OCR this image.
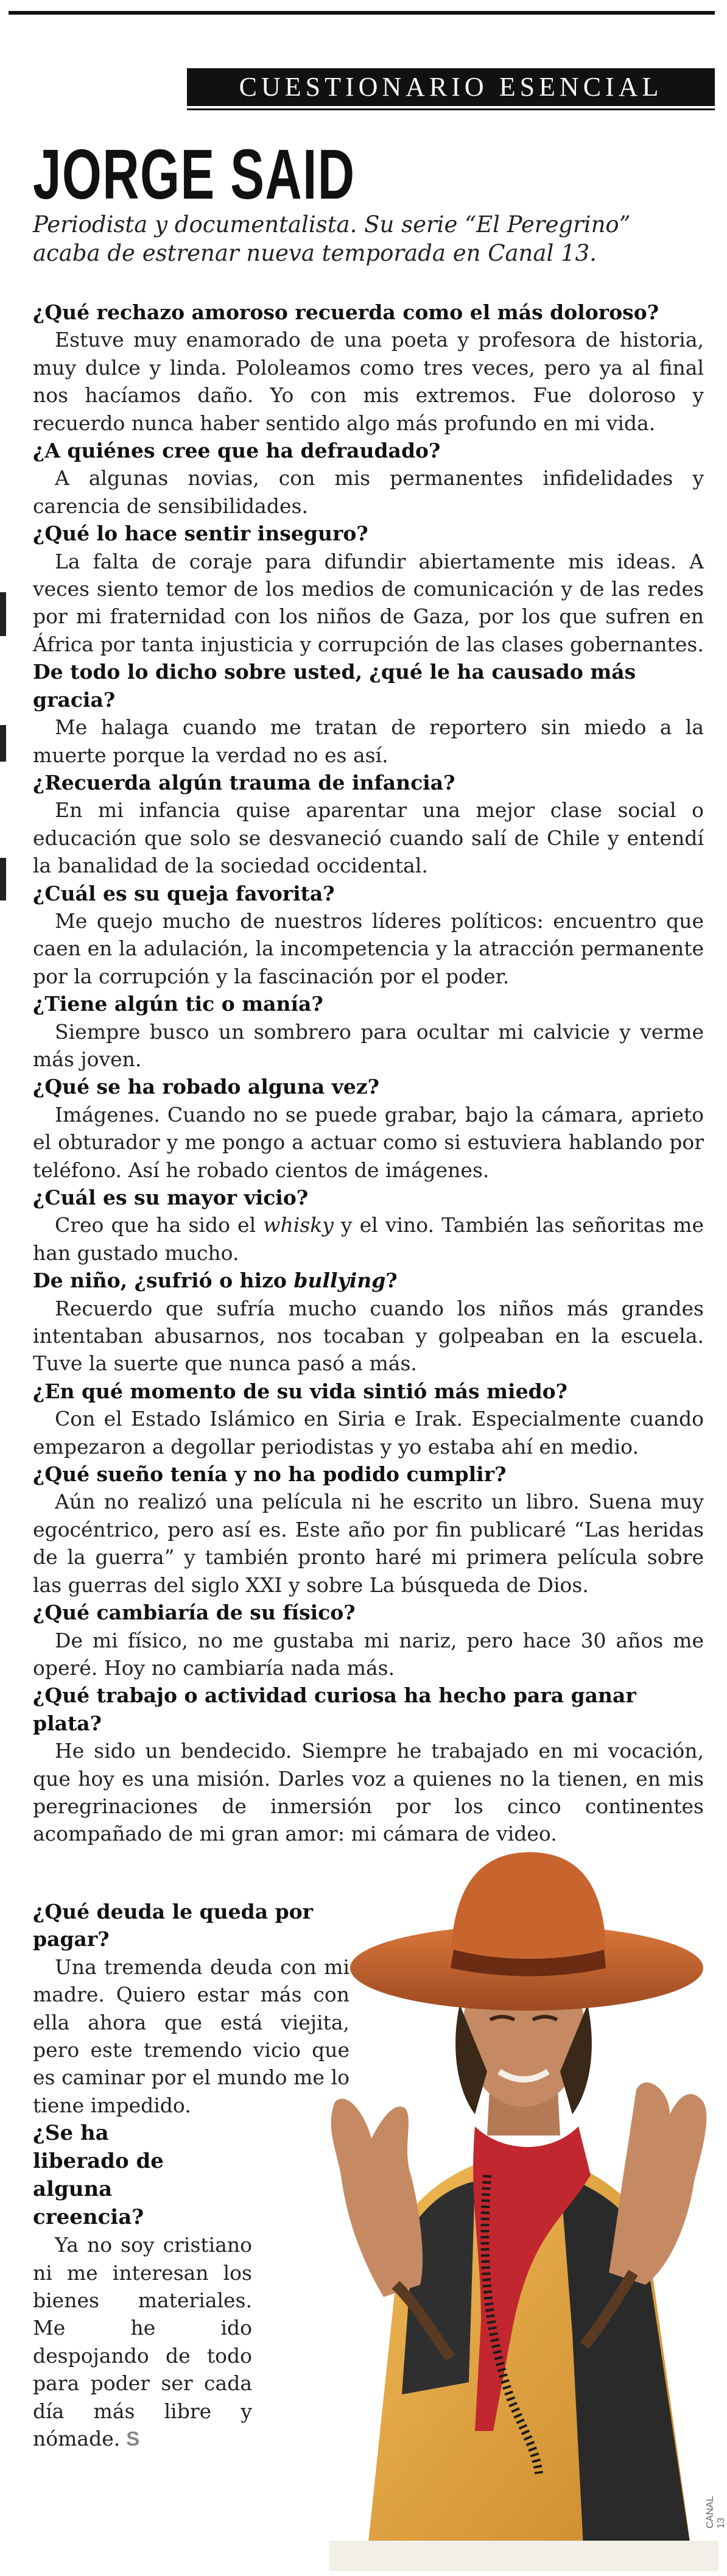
CUESTIONARIO ESENCIAL
JORGE SAID

Periodista y documentalista. Su serie “El Peregrino” acaba de estrenar nueva temporada en Canal 13.

¿Qué rechazo amoroso recuerda como el más doloroso?

Estuve muy enamorado de una poeta y profesora de historia, muy dulce y linda. Pololeamos como tres veces, pero ya al final nos hacíamos daño. Yo con mis extremos. Fue doloroso y recuerdo nunca haber sentido algo más profundo en mi vida.

¿A quiénes cree que ha defraudado?

A algunas novias, con mis permanentes infidelidades y carencia de sensibilidades.

¿Qué lo hace sentir inseguro?

La falta de coraje para difundir abiertamente mis ideas. A veces siento temor de los medios de comunicación y de las redes por mi fraternidad con los niños de Gaza, por los que sufren en África por tanta injusticia y corrupción de las clases gobernantes.

De todo lo dicho sobre usted, ¿qué le ha causado más gracia?

Me halaga cuando me tratan de reportero sin miedo a la muerte porque la verdad no es así.

¿Recuerda algún trauma de infancia?

En mi infancia quise aparentar una mejor clase social o educación que solo se desvaneció cuando salí de Chile y entendí la banalidad de la sociedad occidental.

¿Cuál es su queja favorita?

Me quejo mucho de nuestros líderes políticos: encuentro que caen en la adulación, la incompetencia y la atracción permanente por la corrupción y la fascinación por el poder.

¿Tiene algún tic o manía?

Siempre busco un sombrero para ocultar mi calvicie y verme más joven.

¿Qué se ha robado alguna vez?

Imágenes. Cuando no se puede grabar, bajo la cámara, aprieto el obturador y me pongo a actuar como si estuviera hablando por teléfono. Así he robado cientos de imágenes.

¿Cuál es su mayor vicio?

Creo que ha sido el whisky y el vino. También las señoritas me han gustado mucho.

De niño, ¿sufrió o hizo bullying?

Recuerdo que sufría mucho cuando los niños más grandes intentaban abusarnos, nos tocaban y golpeaban en la escuela. Tuve la suerte que nunca pasó a más.

¿En qué momento de su vida sintió más miedo?

Con el Estado Islámico en Siria e Irak. Especialmente cuando empezaron a degollar periodistas y yo estaba ahí en medio.

¿Qué sueño tenía y no ha podido cumplir?

Aún no realizó una película ni he escrito un libro. Suena muy egocéntrico, pero así es. Este año por fin publicaré “Las heridas de la guerra” y también pronto haré mi primera película sobre las guerras del siglo XXI y sobre La búsqueda de Dios.

¿Qué cambiaría de su físico?

De mi físico, no me gustaba mi nariz, pero hace 30 años me operé. Hoy no cambiaría nada más.

¿Qué trabajo o actividad curiosa ha hecho para ganar plata?

He sido un bendecido. Siempre he trabajado en mi vocación, que hoy es una misión. Darles voz a quienes no la tienen, en mis peregrinaciones de inmersión por los cinco continentes acompañado de mi gran amor: mi cámara de video.

¿Qué deuda le queda por pagar?

Una tremenda deuda con mi madre. Quiero estar más con ella ahora que está viejita, pero este tremendo vicio que es caminar por el mundo me lo tiene impedido.

¿Se ha liberado de alguna creencia?

Ya no soy cristiano ni me interesan los bienes materiales. Me he ido despojando de todo para poder ser cada día más libre y nómade. S

CANAL 13
